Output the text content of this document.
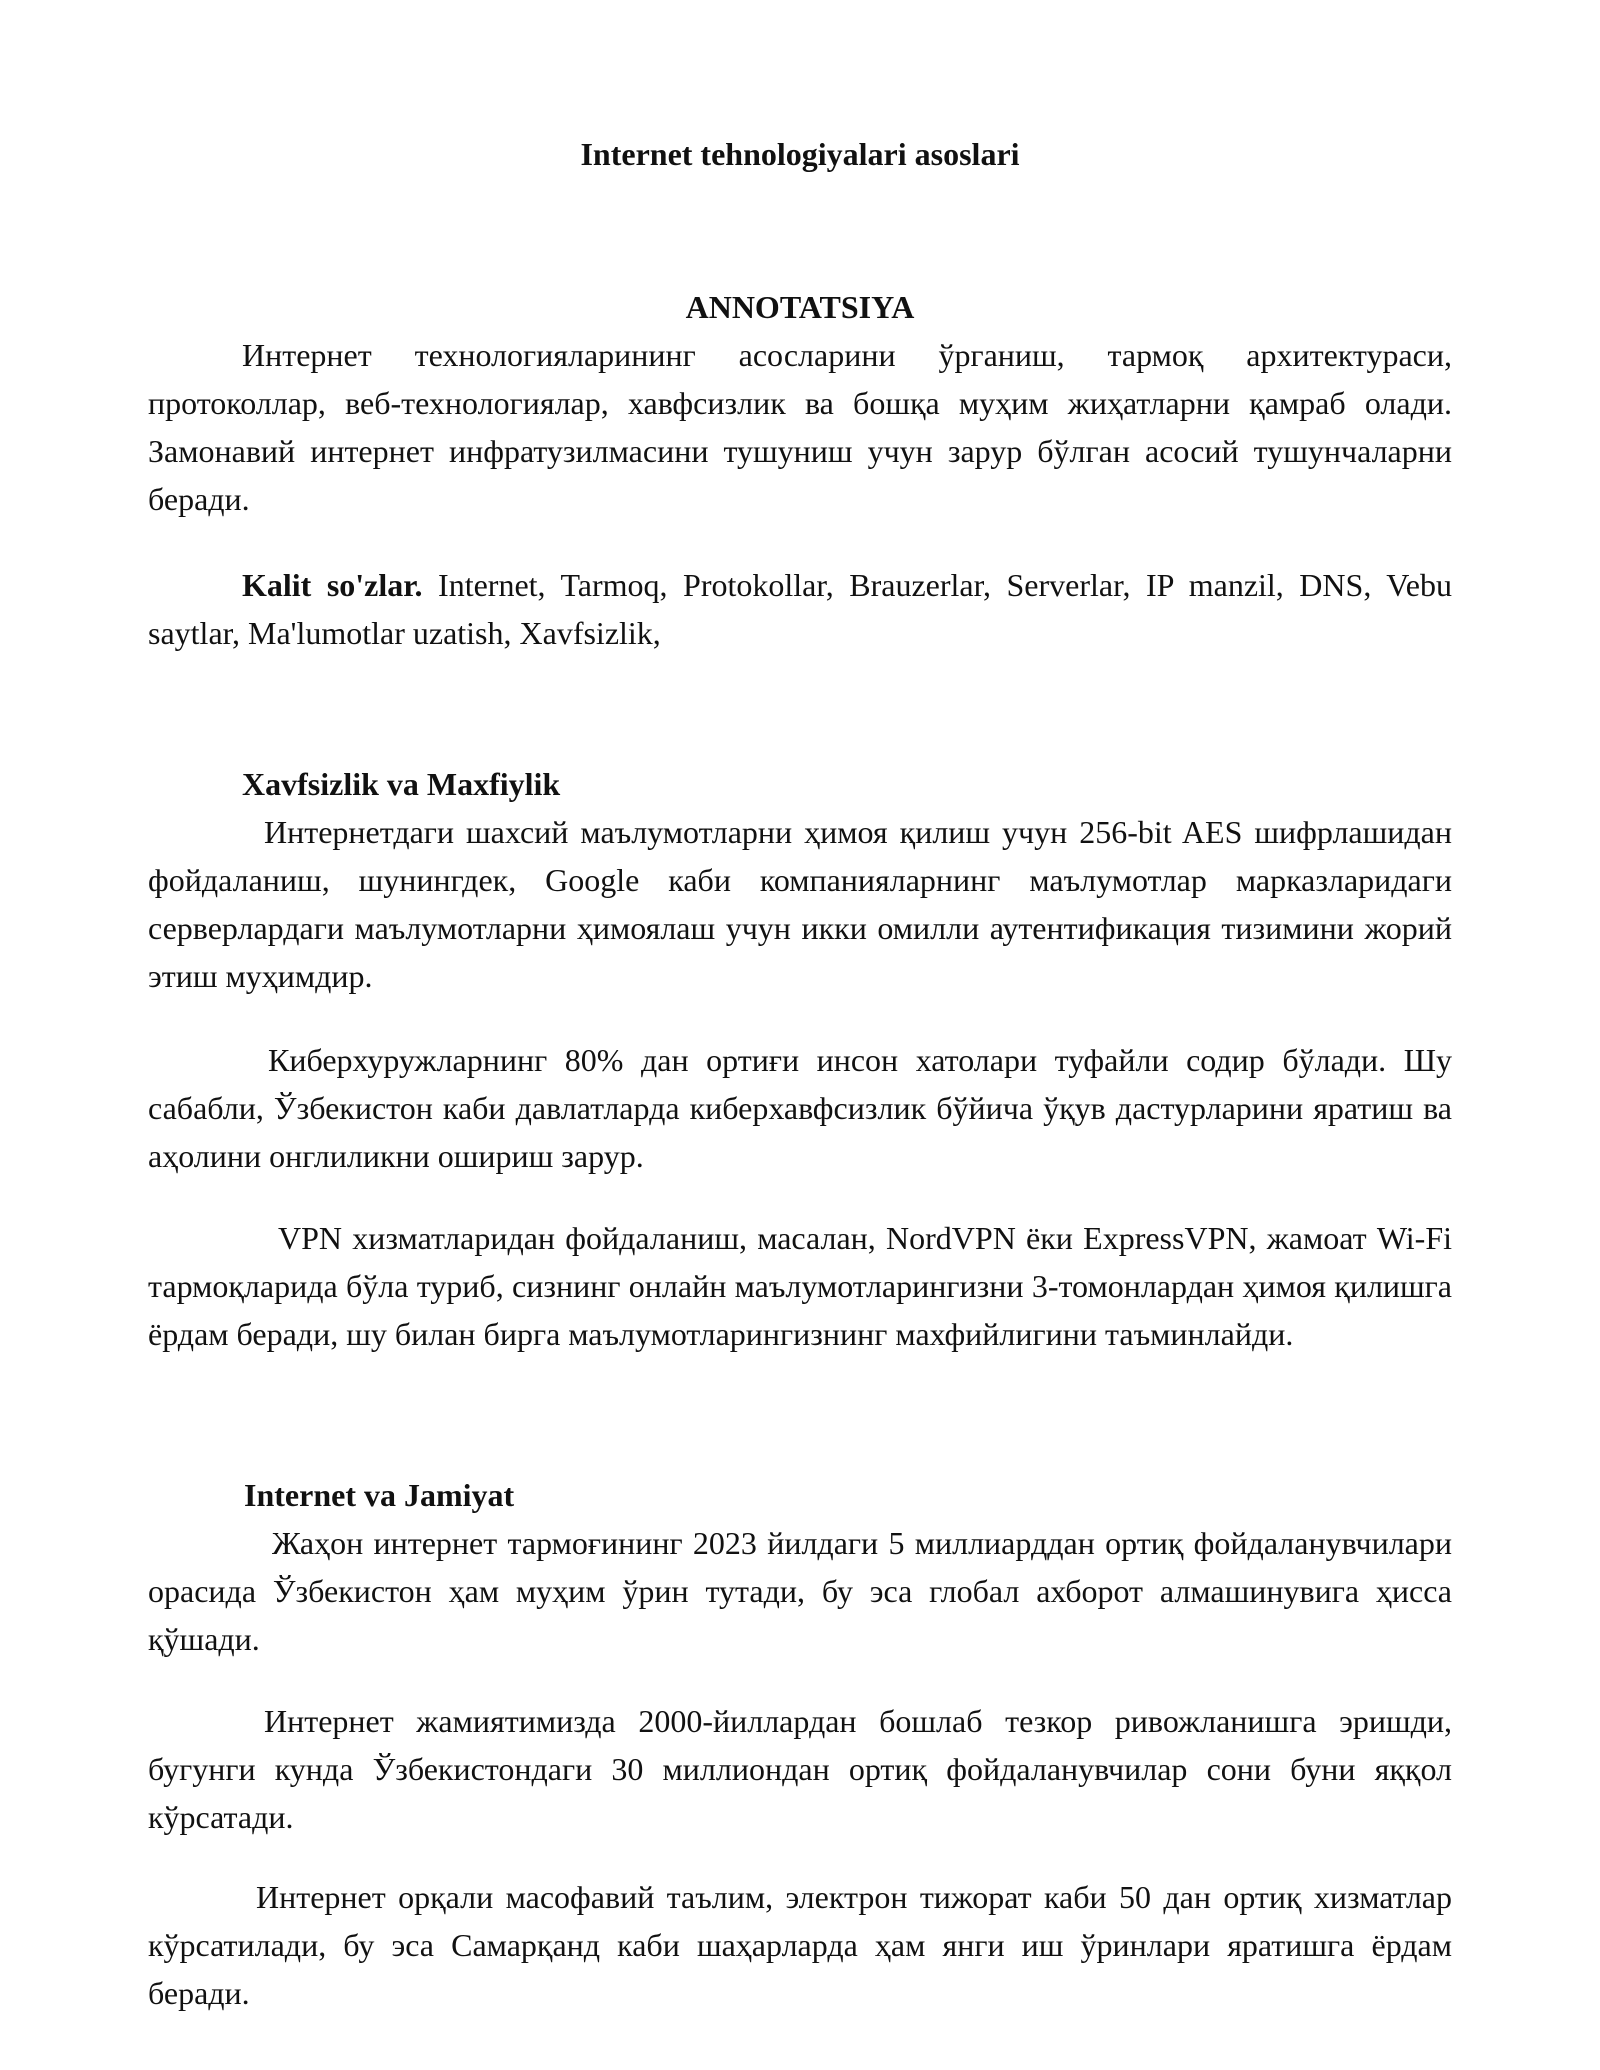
Internet tehnologiyalari asoslari
ANNOTATSIYA

Интернет технологияларининг асосларини ўрганиш, тармоқ архитектураси, протоколлар, веб-технологиялар, хавфсизлик ва бошқа муҳим жиҳатларни қамраб олади. Замонавий интернет инфратузилмасини тушуниш учун зарур бўлган асосий тушунчаларни беради.

Kalit so'zlar. Internet, Tarmoq, Protokollar, Brauzerlar, Serverlar, IP manzil, DNS, Vebu saytlar, Ma'lumotlar uzatish, Xavfsizlik,

Xavfsizlik va Maxfiylik

Интернетдаги шахсий маълумотларни ҳимоя қилиш учун 256-bit AES шифрлашидан фойдаланиш, шунингдек, Google каби компанияларнинг маълумотлар марказларидаги серверлардаги маълумотларни ҳимоялаш учун икки омилли аутентификация тизимини жорий этиш муҳимдир.

Киберхуружларнинг 80% дан ортиғи инсон хатолари туфайли содир бўлади. Шу сабабли, Ўзбекистон каби давлатларда киберхавфсизлик бўйича ўқув дастурларини яратиш ва аҳолини онглиликни ошириш зарур.

VPN хизматларидан фойдаланиш, масалан, NordVPN ёки ExpressVPN, жамоат Wi-Fi тармоқларида бўла туриб, сизнинг онлайн маълумотларингизни 3-томонлардан ҳимоя қилишга ёрдам беради, шу билан бирга маълумотларингизнинг махфийлигини таъминлайди.

Internet va Jamiyat

Жаҳон интернет тармоғининг 2023 йилдаги 5 миллиарддан ортиқ фойдаланувчилари орасида Ўзбекистон ҳам муҳим ўрин тутади, бу эса глобал ахборот алмашинувига ҳисса қўшади.

Интернет жамиятимизда 2000-йиллардан бошлаб тезкор ривожланишга эришди, бугунги кунда Ўзбекистондаги 30 миллиондан ортиқ фойдаланувчилар сони буни яққол кўрсатади.

Интернет орқали масофавий таълим, электрон тижорат каби 50 дан ортиқ хизматлар кўрсатилади, бу эса Самарқанд каби шаҳарларда ҳам янги иш ўринлари яратишга ёрдам беради.
